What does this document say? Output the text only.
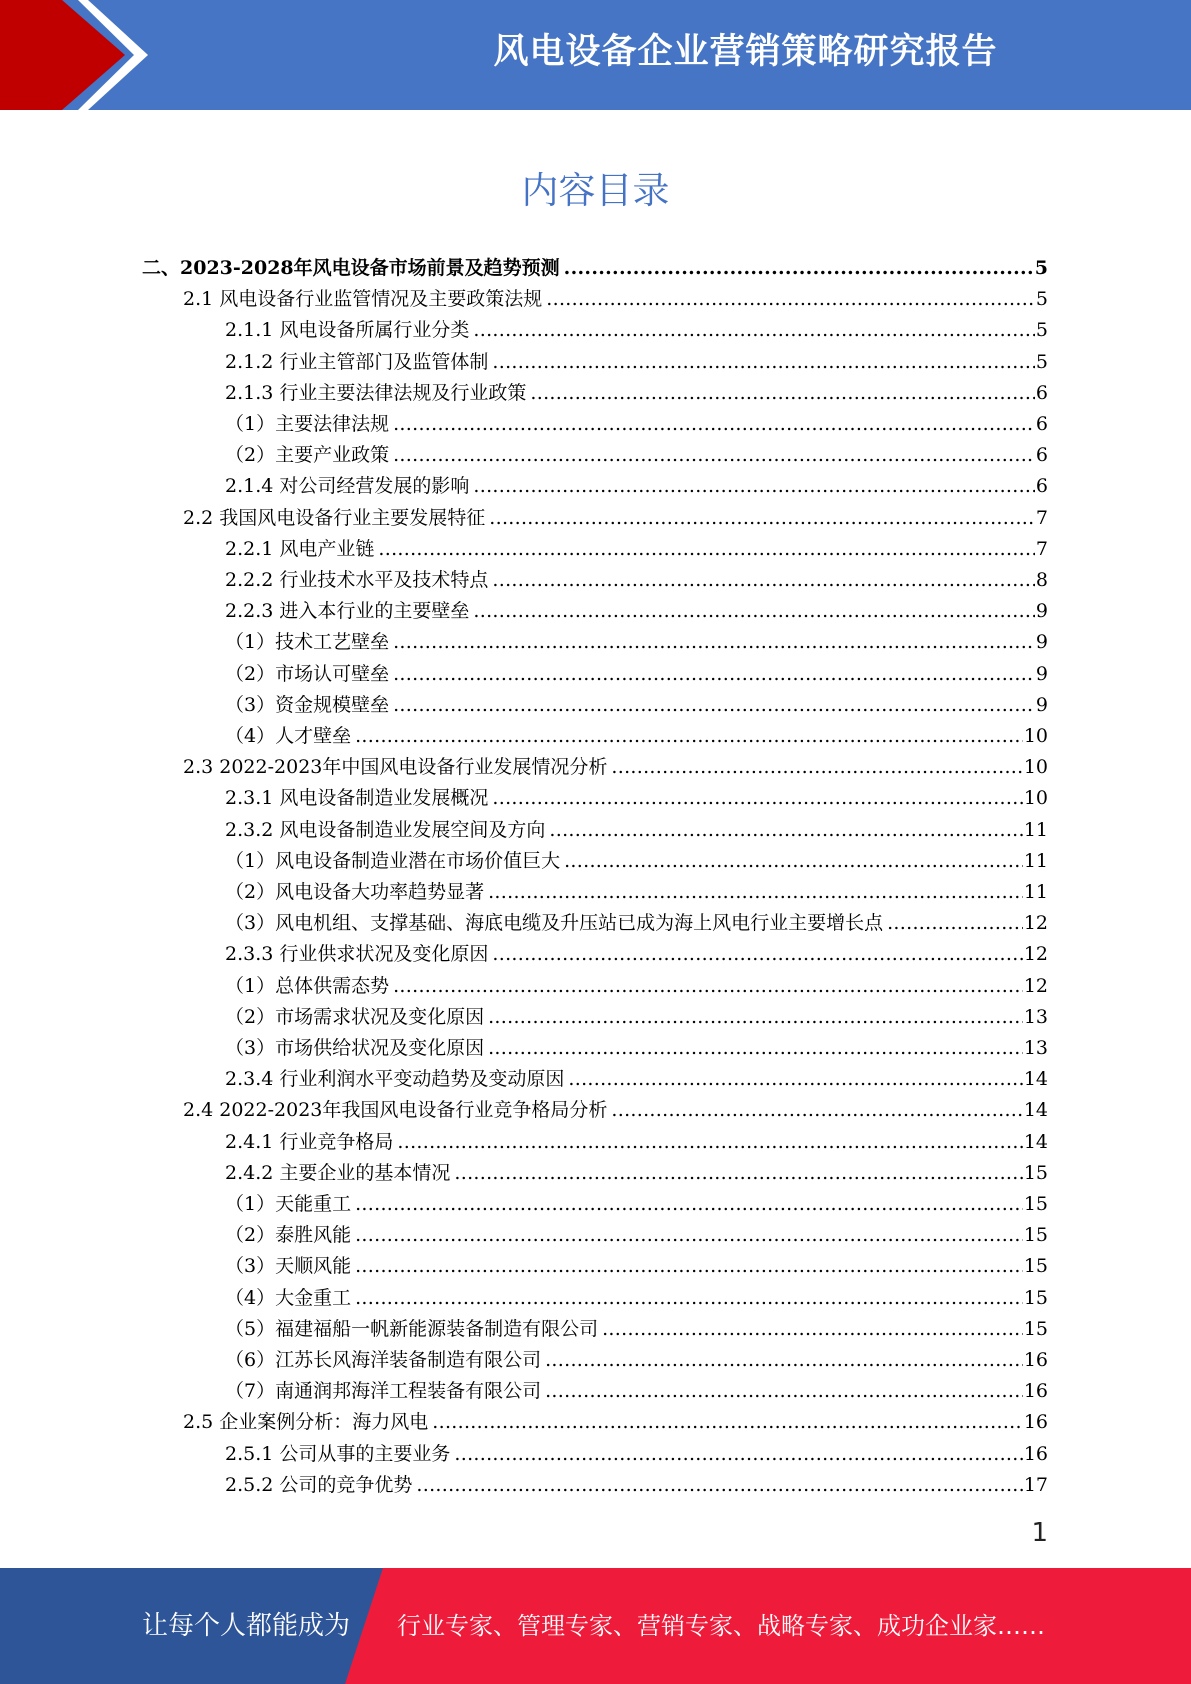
风电设备企业营销策略研究报告
内容目录
二、2023-2028年风电设备市场前景及趋势预测 .....	5
2.1 风电设备行业监管情况及主要政策法规 .....	5
2.1.1 风电设备所属行业分类 .....	5
2.1.2 行业主管部门及监管体制 .....	5
2.1.3 行业主要法律法规及行业政策 .....	6
（1）主要法律法规 .....	6
（2）主要产业政策 .....	6
2.1.4 对公司经营发展的影响 .....	6
2.2 我国风电设备行业主要发展特征 .....	7
2.2.1 风电产业链 .....	7
2.2.2 行业技术水平及技术特点 .....	8
2.2.3 进入本行业的主要壁垒 .....	9
（1）技术工艺壁垒 .....	9
（2）市场认可壁垒 .....	9
（3）资金规模壁垒 .....	9
（4）人才壁垒 .....	10
2.3 2022-2023年中国风电设备行业发展情况分析 .....	10
2.3.1 风电设备制造业发展概况 .....	10
2.3.2 风电设备制造业发展空间及方向 .....	11
（1）风电设备制造业潜在市场价值巨大 .....	11
（2）风电设备大功率趋势显著 .....	11
（3）风电机组、支撑基础、海底电缆及升压站已成为海上风电行业主要增长点 .....	12
2.3.3 行业供求状况及变化原因 .....	12
（1）总体供需态势 .....	12
（2）市场需求状况及变化原因 .....	13
（3）市场供给状况及变化原因 .....	13
2.3.4 行业利润水平变动趋势及变动原因 .....	14
2.4 2022-2023年我国风电设备行业竞争格局分析 .....	14
2.4.1 行业竞争格局 .....	14
2.4.2 主要企业的基本情况 .....	15
（1）天能重工 .....	15
（2）泰胜风能 .....	15
（3）天顺风能 .....	15
（4）大金重工 .....	15
（5）福建福船一帆新能源装备制造有限公司 .....	15
（6）江苏长风海洋装备制造有限公司 .....	16
（7）南通润邦海洋工程装备有限公司 .....	16
2.5 企业案例分析：海力风电 .....	16
2.5.1 公司从事的主要业务 .....	16
2.5.2 公司的竞争优势 .....	17
1
让每个人都能成为 行业专家、管理专家、营销专家、战略专家、成功企业家……
